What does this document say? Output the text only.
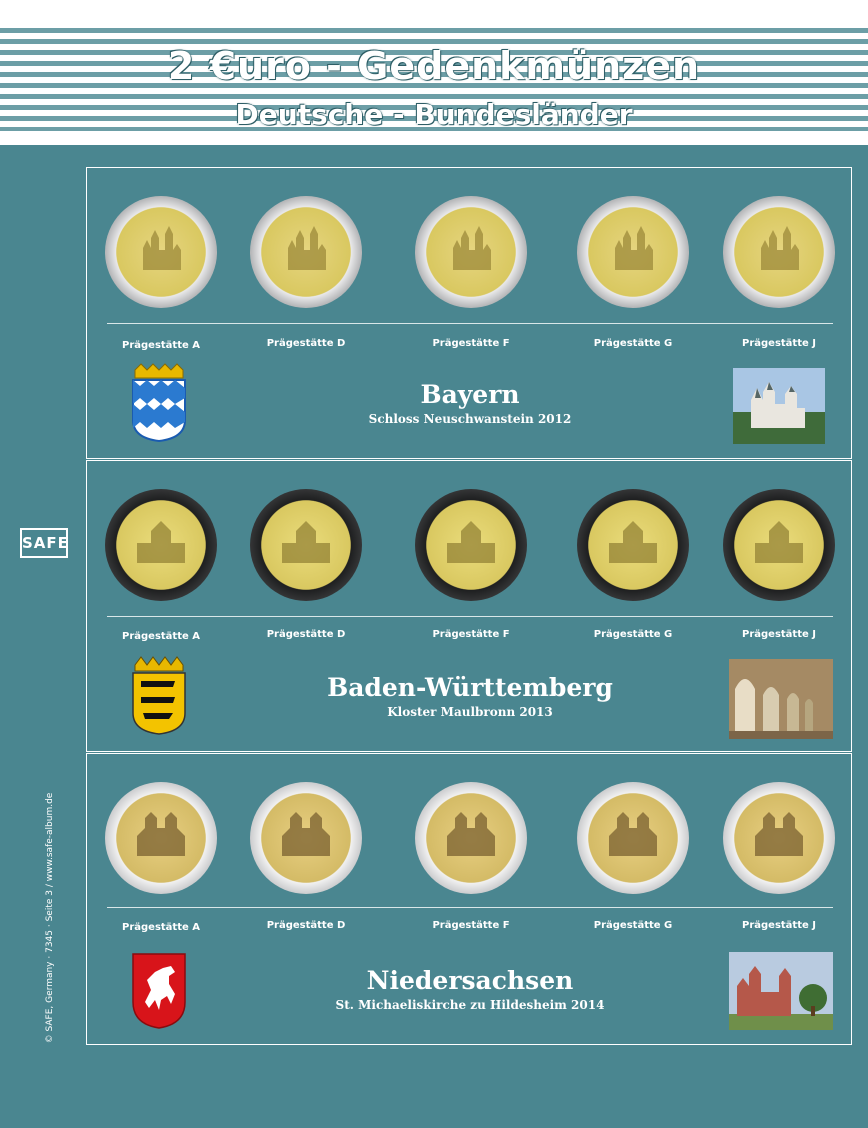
2 €uro - Gedenkmünzen
Deutsche - Bundesländer
SAFE
© SAFE, Germany · 7345 · Seite 3 / www.safe-album.de
Prägestätte A	Prägestätte D	Prägestätte F	Prägestätte G	Prägestätte J
Bayern
Schloss Neuschwanstein 2012
Prägestätte A	Prägestätte D	Prägestätte F	Prägestätte G	Prägestätte J
Baden-Württemberg
Kloster Maulbronn 2013
Prägestätte A	Prägestätte D	Prägestätte F	Prägestätte G	Prägestätte J
Niedersachsen
St. Michaeliskirche zu Hildesheim 2014
